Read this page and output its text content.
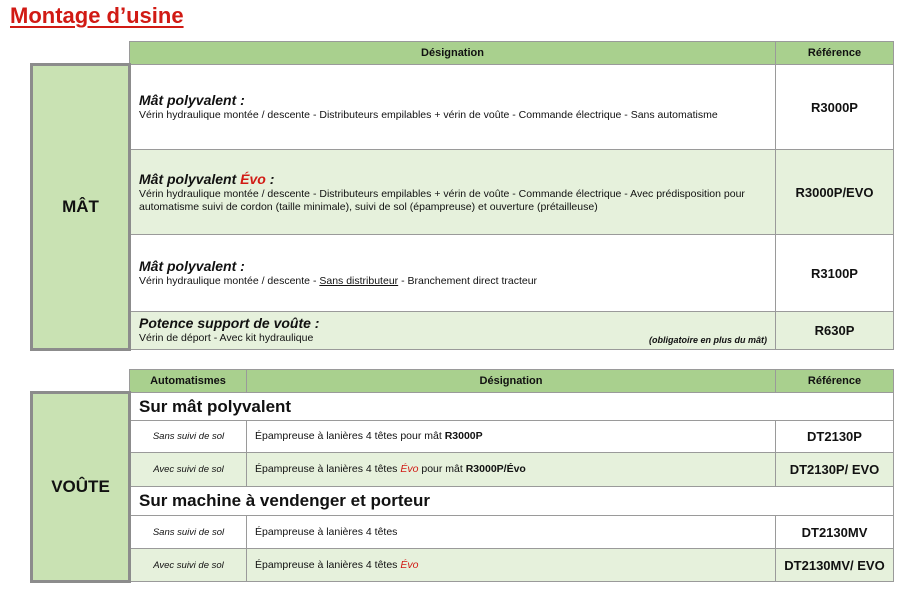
Montage d’usine
	Désignation	Référence
MÂT	Mât polyvalent :
Vérin hydraulique montée / descente - Distributeurs empilables + vérin de voûte - Commande électrique - Sans automatisme	R3000P

	Mât polyvalent Évo :
Vérin hydraulique montée / descente - Distributeurs empilables + vérin de voûte - Commande électrique - Avec prédisposition pour automatisme suivi de cordon (taille minimale), suivi de sol (épampreuse) et ouverture (prétailleuse)	R3000P/EVO

	Mât polyvalent :
Vérin hydraulique montée / descente - Sans distributeur - Branchement direct tracteur	R3100P

	Potence support de voûte :
(obligatoire en plus du mât)
Vérin de déport - Avec kit hydraulique	R630P
	Automatismes	Désignation	Référence
VOÛTE	Sur mât polyvalent		
	Sans suivi de sol	Épampreuse à lanières 4 têtes pour mât R3000P	DT2130P
	Avec suivi de sol	Épampreuse à lanières 4 têtes Évo pour mât R3000P/Évo	DT2130P/ EVO
	Sur machine à vendenger et porteur		
	Sans suivi de sol	Épampreuse à lanières 4 têtes	DT2130MV
	Avec suivi de sol	Épampreuse à lanières 4 têtes Évo	DT2130MV/ EVO
